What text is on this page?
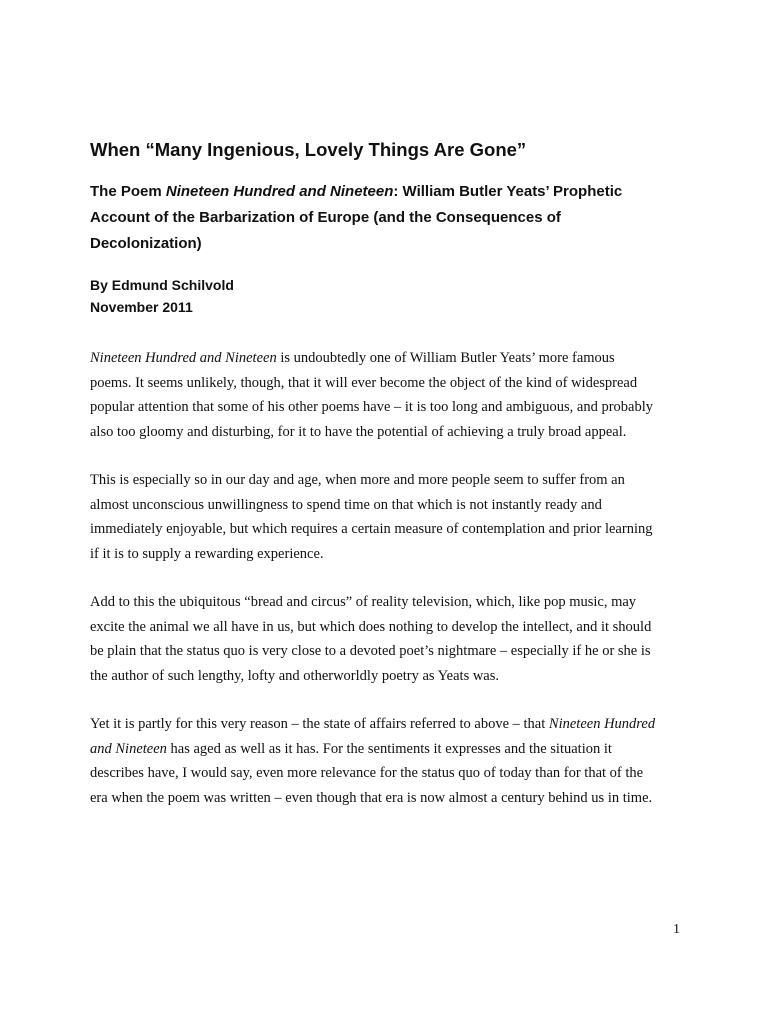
When “Many Ingenious, Lovely Things Are Gone”
The Poem Nineteen Hundred and Nineteen: William Butler Yeats’ Prophetic
Account of the Barbarization of Europe (and the Consequences of
Decolonization)

By Edmund Schilvold

November 2011

Nineteen Hundred and Nineteen is undoubtedly one of William Butler Yeats’ more famous
poems. It seems unlikely, though, that it will ever become the object of the kind of widespread
popular attention that some of his other poems have – it is too long and ambiguous, and probably
also too gloomy and disturbing, for it to have the potential of achieving a truly broad appeal.
This is especially so in our day and age, when more and more people seem to suffer from an
almost unconscious unwillingness to spend time on that which is not instantly ready and
immediately enjoyable, but which requires a certain measure of contemplation and prior learning
if it is to supply a rewarding experience.
Add to this the ubiquitous “bread and circus” of reality television, which, like pop music, may
excite the animal we all have in us, but which does nothing to develop the intellect, and it should
be plain that the status quo is very close to a devoted poet’s nightmare – especially if he or she is
the author of such lengthy, lofty and otherworldly poetry as Yeats was.
Yet it is partly for this very reason – the state of affairs referred to above – that Nineteen Hundred
and Nineteen has aged as well as it has. For the sentiments it expresses and the situation it
describes have, I would say, even more relevance for the status quo of today than for that of the
era when the poem was written – even though that era is now almost a century behind us in time.
1
